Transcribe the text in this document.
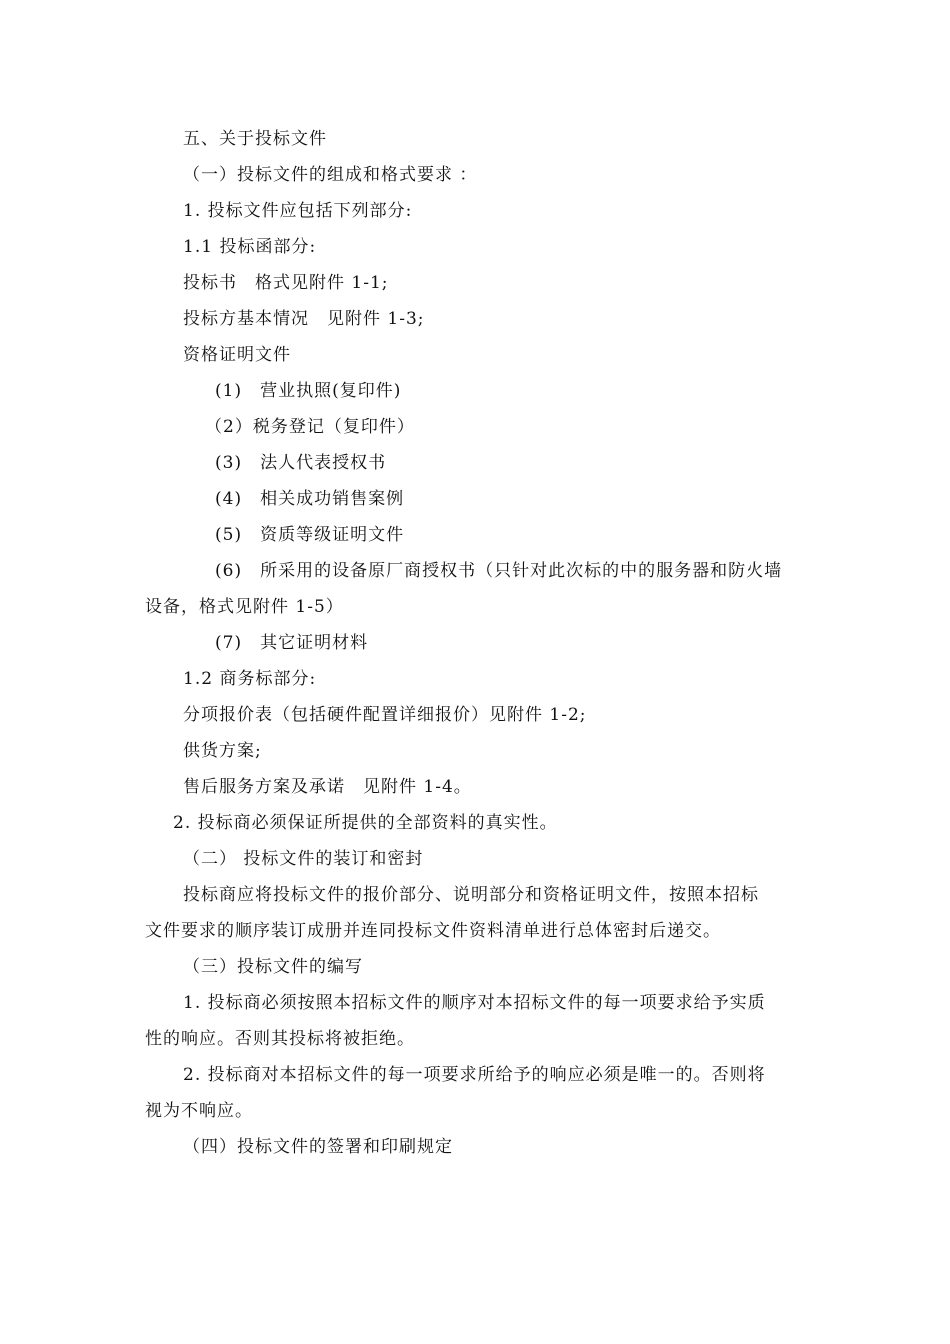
五、关于投标文件
（一）投标文件的组成和格式要求 ：
1. 投标文件应包括下列部分:
1.1 投标函部分:
投标书　格式见附件 1-1;
投标方基本情况　见附件 1-3;
资格证明文件
(1)　营业执照(复印件)
（2）税务登记（复印件）
(3)　法人代表授权书
(4)　相关成功销售案例
(5)　资质等级证明文件
(6)　所采用的设备原厂商授权书（只针对此次标的中的服务器和防火墙
设备，格式见附件 1-5）
(7)　其它证明材料
1.2 商务标部分:
分项报价表（包括硬件配置详细报价）见附件 1-2;
供货方案;
售后服务方案及承诺　见附件 1-4。
2. 投标商必须保证所提供的全部资料的真实性。
（二） 投标文件的装订和密封
投标商应将投标文件的报价部分、说明部分和资格证明文件，按照本招标
文件要求的顺序装订成册并连同投标文件资料清单进行总体密封后递交。
（三）投标文件的编写
1. 投标商必须按照本招标文件的顺序对本招标文件的每一项要求给予实质
性的响应。否则其投标将被拒绝。
2. 投标商对本招标文件的每一项要求所给予的响应必须是唯一的。否则将
视为不响应。
（四）投标文件的签署和印刷规定
